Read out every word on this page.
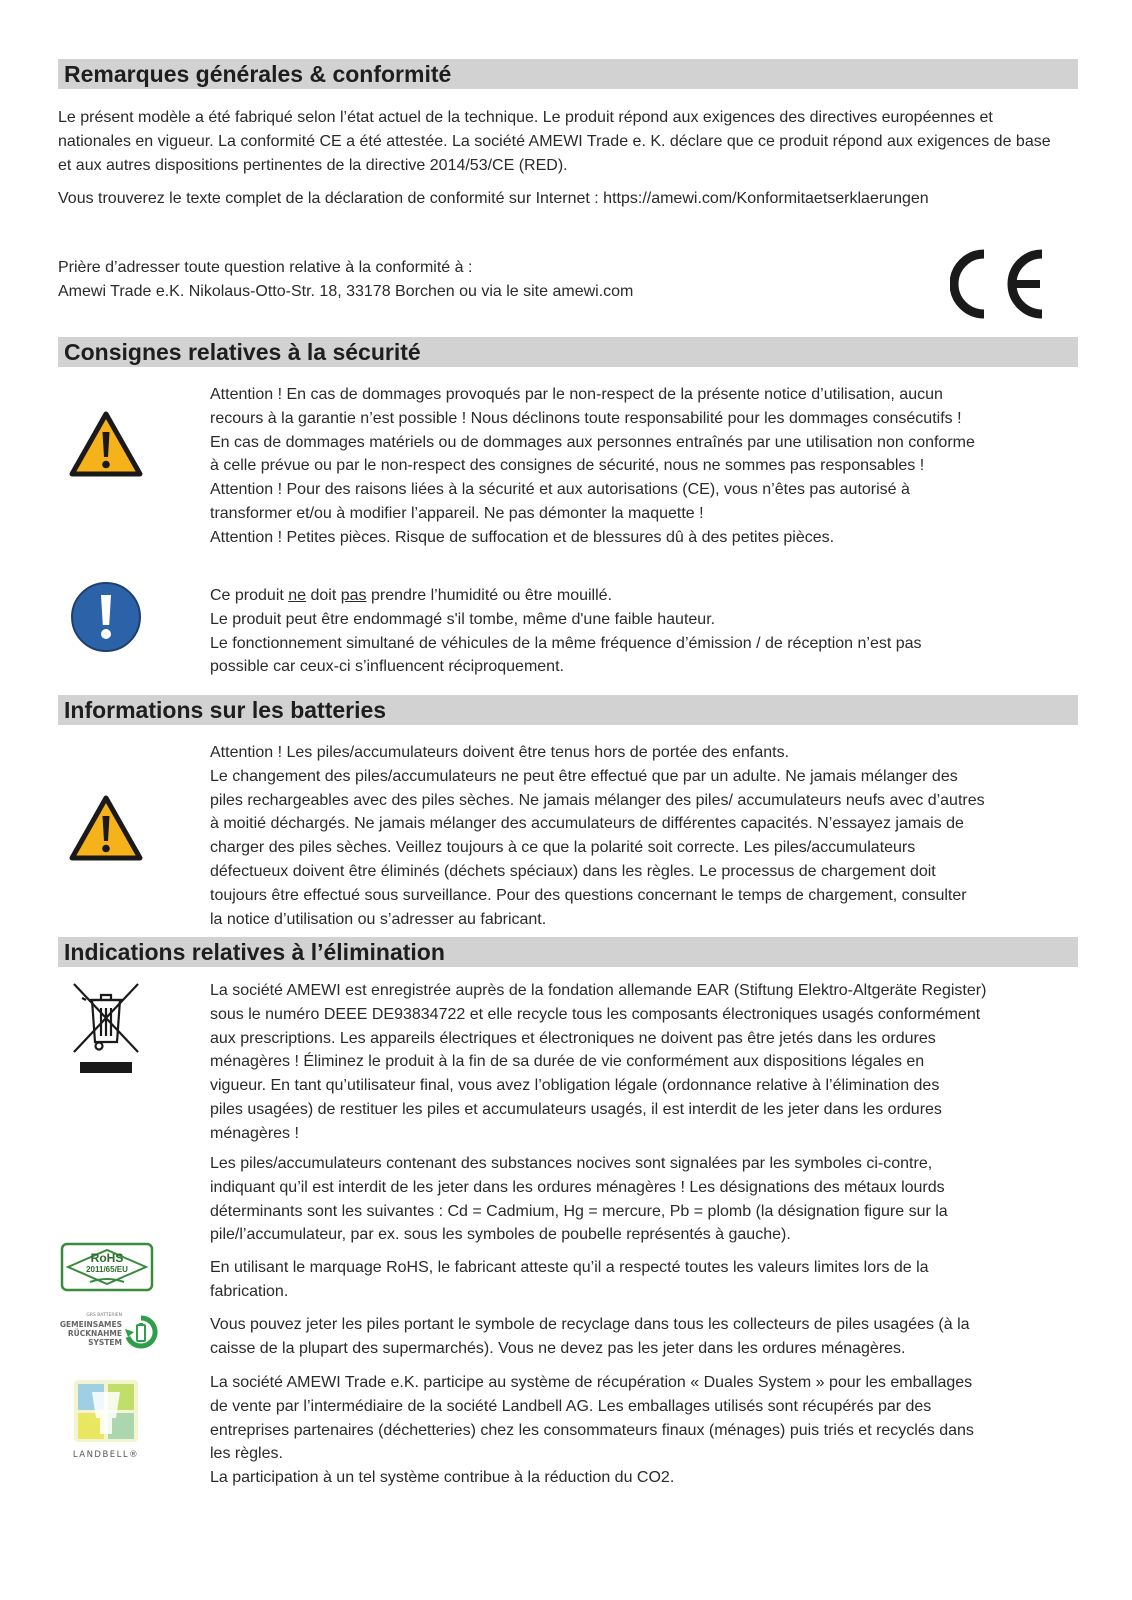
Remarques générales & conformité

Le présent modèle a été fabriqué selon l’état actuel de la technique. Le produit répond aux exigences des directives européennes et nationales en vigueur. La conformité CE a été attestée. La société AMEWI Trade e. K. déclare que ce produit répond aux exigences de base et aux autres dispositions pertinentes de la directive 2014/53/CE (RED).

Vous trouverez le texte complet de la déclaration de conformité sur Internet : https://amewi.com/Konformitaetserklaerungen

Prière d’adresser toute question relative à la conformité à :

Amewi Trade e.K. Nikolaus-Otto-Str. 18, 33178 Borchen ou via le site amewi.com

Consignes relatives à la sécurité

Attention ! En cas de dommages provoqués par le non-respect de la présente notice d’utilisation, aucun

recours à la garantie n’est possible ! Nous déclinons toute responsabilité pour les dommages consécutifs !

En cas de dommages matériels ou de dommages aux personnes entraînés par une utilisation non conforme

à celle prévue ou par le non-respect des consignes de sécurité, nous ne sommes pas responsables !

Attention ! Pour des raisons liées à la sécurité et aux autorisations (CE), vous n’êtes pas autorisé à

transformer et/ou à modifier l’appareil. Ne pas démonter la maquette !

Attention ! Petites pièces. Risque de suffocation et de blessures dû à des petites pièces.

Ce produit ne doit pas prendre l’humidité ou être mouillé.

Le produit peut être endommagé s'il tombe, même d'une faible hauteur.

Le fonctionnement simultané de véhicules de la même fréquence d’émission / de réception n’est pas

possible car ceux-ci s’influencent réciproquement.

Informations sur les batteries

Attention ! Les piles/accumulateurs doivent être tenus hors de portée des enfants.

Le changement des piles/accumulateurs ne peut être effectué que par un adulte. Ne jamais mélanger des

piles rechargeables avec des piles sèches. Ne jamais mélanger des piles/ accumulateurs neufs avec d’autres

à moitié déchargés. Ne jamais mélanger des accumulateurs de différentes capacités. N’essayez jamais de

charger des piles sèches. Veillez toujours à ce que la polarité soit correcte. Les piles/accumulateurs

défectueux doivent être éliminés (déchets spéciaux) dans les règles. Le processus de chargement doit

toujours être effectué sous surveillance. Pour des questions concernant le temps de chargement, consulter

la notice d’utilisation ou s’adresser au fabricant.

Indications relatives à l’élimination

La société AMEWI est enregistrée auprès de la fondation allemande EAR (Stiftung Elektro-Altgeräte Register)

sous le numéro DEEE DE93834722 et elle recycle tous les composants électroniques usagés conformément

aux prescriptions. Les appareils électriques et électroniques ne doivent pas être jetés dans les ordures

ménagères ! Éliminez le produit à la fin de sa durée de vie conformément aux dispositions légales en

vigueur. En tant qu’utilisateur final, vous avez l’obligation légale (ordonnance relative à l’élimination des

piles usagées) de restituer les piles et accumulateurs usagés, il est interdit de les jeter dans les ordures

ménagères !

Les piles/accumulateurs contenant des substances nocives sont signalées par les symboles ci-contre,

indiquant qu’il est interdit de les jeter dans les ordures ménagères ! Les désignations des métaux lourds

déterminants sont les suivantes : Cd = Cadmium, Hg = mercure, Pb = plomb (la désignation figure sur la

pile/l’accumulateur, par ex. sous les symboles de poubelle représentés à gauche).

RoHS
2011/65/EU	En utilisant le marquage RoHS, le fabricant atteste qu’il a respecté toutes les valeurs limites lors de la

fabrication.

GRS BATTERIEN
GEMEINSAMES
RÜCKNAHME
SYSTEM

Vous pouvez jeter les piles portant le symbole de recyclage dans tous les collecteurs de piles usagées (à la

caisse de la plupart des supermarchés). Vous ne devez pas les jeter dans les ordures ménagères.

LANDBELL®

La société AMEWI Trade e.K. participe au système de récupération « Duales System » pour les emballages

de vente par l’intermédiaire de la société Landbell AG. Les emballages utilisés sont récupérés par des

entreprises partenaires (déchetteries) chez les consommateurs finaux (ménages) puis triés et recyclés dans

les règles.

La participation à un tel système contribue à la réduction du CO2.
